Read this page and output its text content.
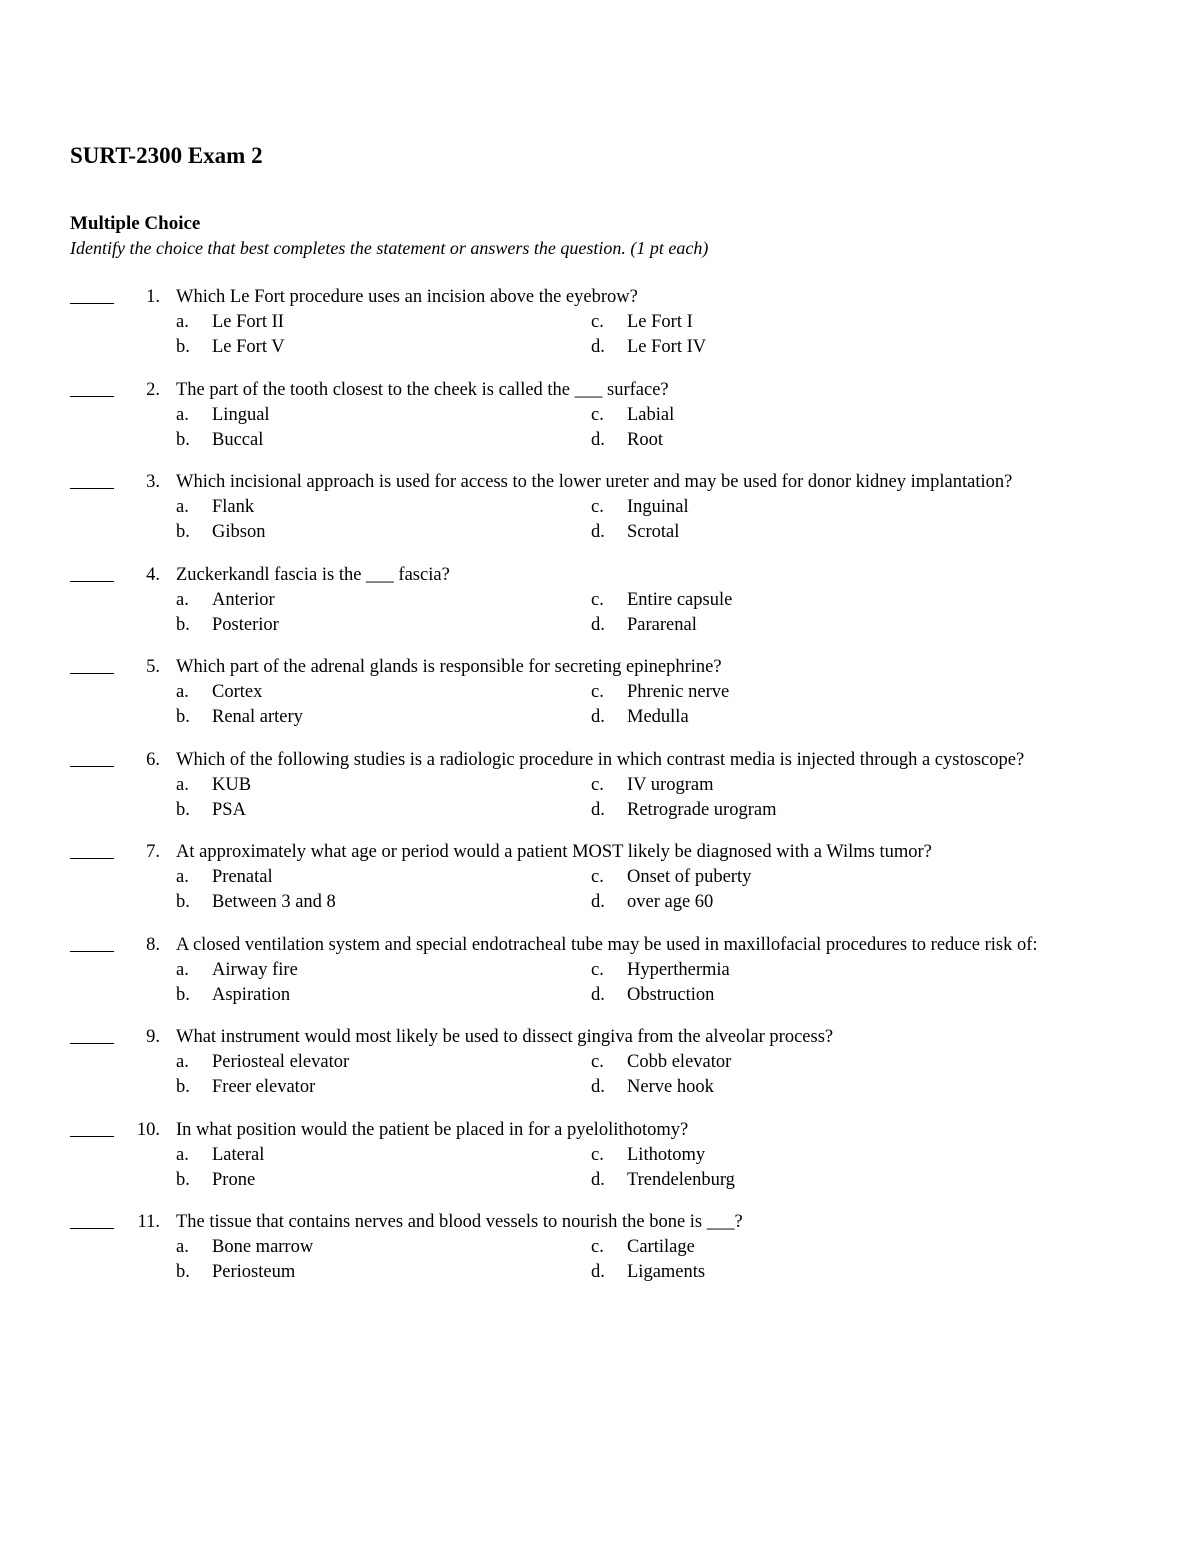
SURT-2300 Exam 2
Multiple Choice
Identify the choice that best completes the statement or answers the question. (1 pt each)
1. Which Le Fort procedure uses an incision above the eyebrow?
a. Le Fort II
b. Le Fort V
c. Le Fort I
d. Le Fort IV
2. The part of the tooth closest to the cheek is called the ___ surface?
a. Lingual
b. Buccal
c. Labial
d. Root
3. Which incisional approach is used for access to the lower ureter and may be used for donor kidney implantation?
a. Flank
b. Gibson
c. Inguinal
d. Scrotal
4. Zuckerkandl fascia is the ___ fascia?
a. Anterior
b. Posterior
c. Entire capsule
d. Pararenal
5. Which part of the adrenal glands is responsible for secreting epinephrine?
a. Cortex
b. Renal artery
c. Phrenic nerve
d. Medulla
6. Which of the following studies is a radiologic procedure in which contrast media is injected through a cystoscope?
a. KUB
b. PSA
c. IV urogram
d. Retrograde urogram
7. At approximately what age or period would a patient MOST likely be diagnosed with a Wilms tumor?
a. Prenatal
b. Between 3 and 8
c. Onset of puberty
d. over age 60
8. A closed ventilation system and special endotracheal tube may be used in maxillofacial procedures to reduce risk of:
a. Airway fire
b. Aspiration
c. Hyperthermia
d. Obstruction
9. What instrument would most likely be used to dissect gingiva from the alveolar process?
a. Periosteal elevator
b. Freer elevator
c. Cobb elevator
d. Nerve hook
10. In what position would the patient be placed in for a pyelolithotomy?
a. Lateral
b. Prone
c. Lithotomy
d. Trendelenburg
11. The tissue that contains nerves and blood vessels to nourish the bone is ___?
a. Bone marrow
b. Periosteum
c. Cartilage
d. Ligaments
